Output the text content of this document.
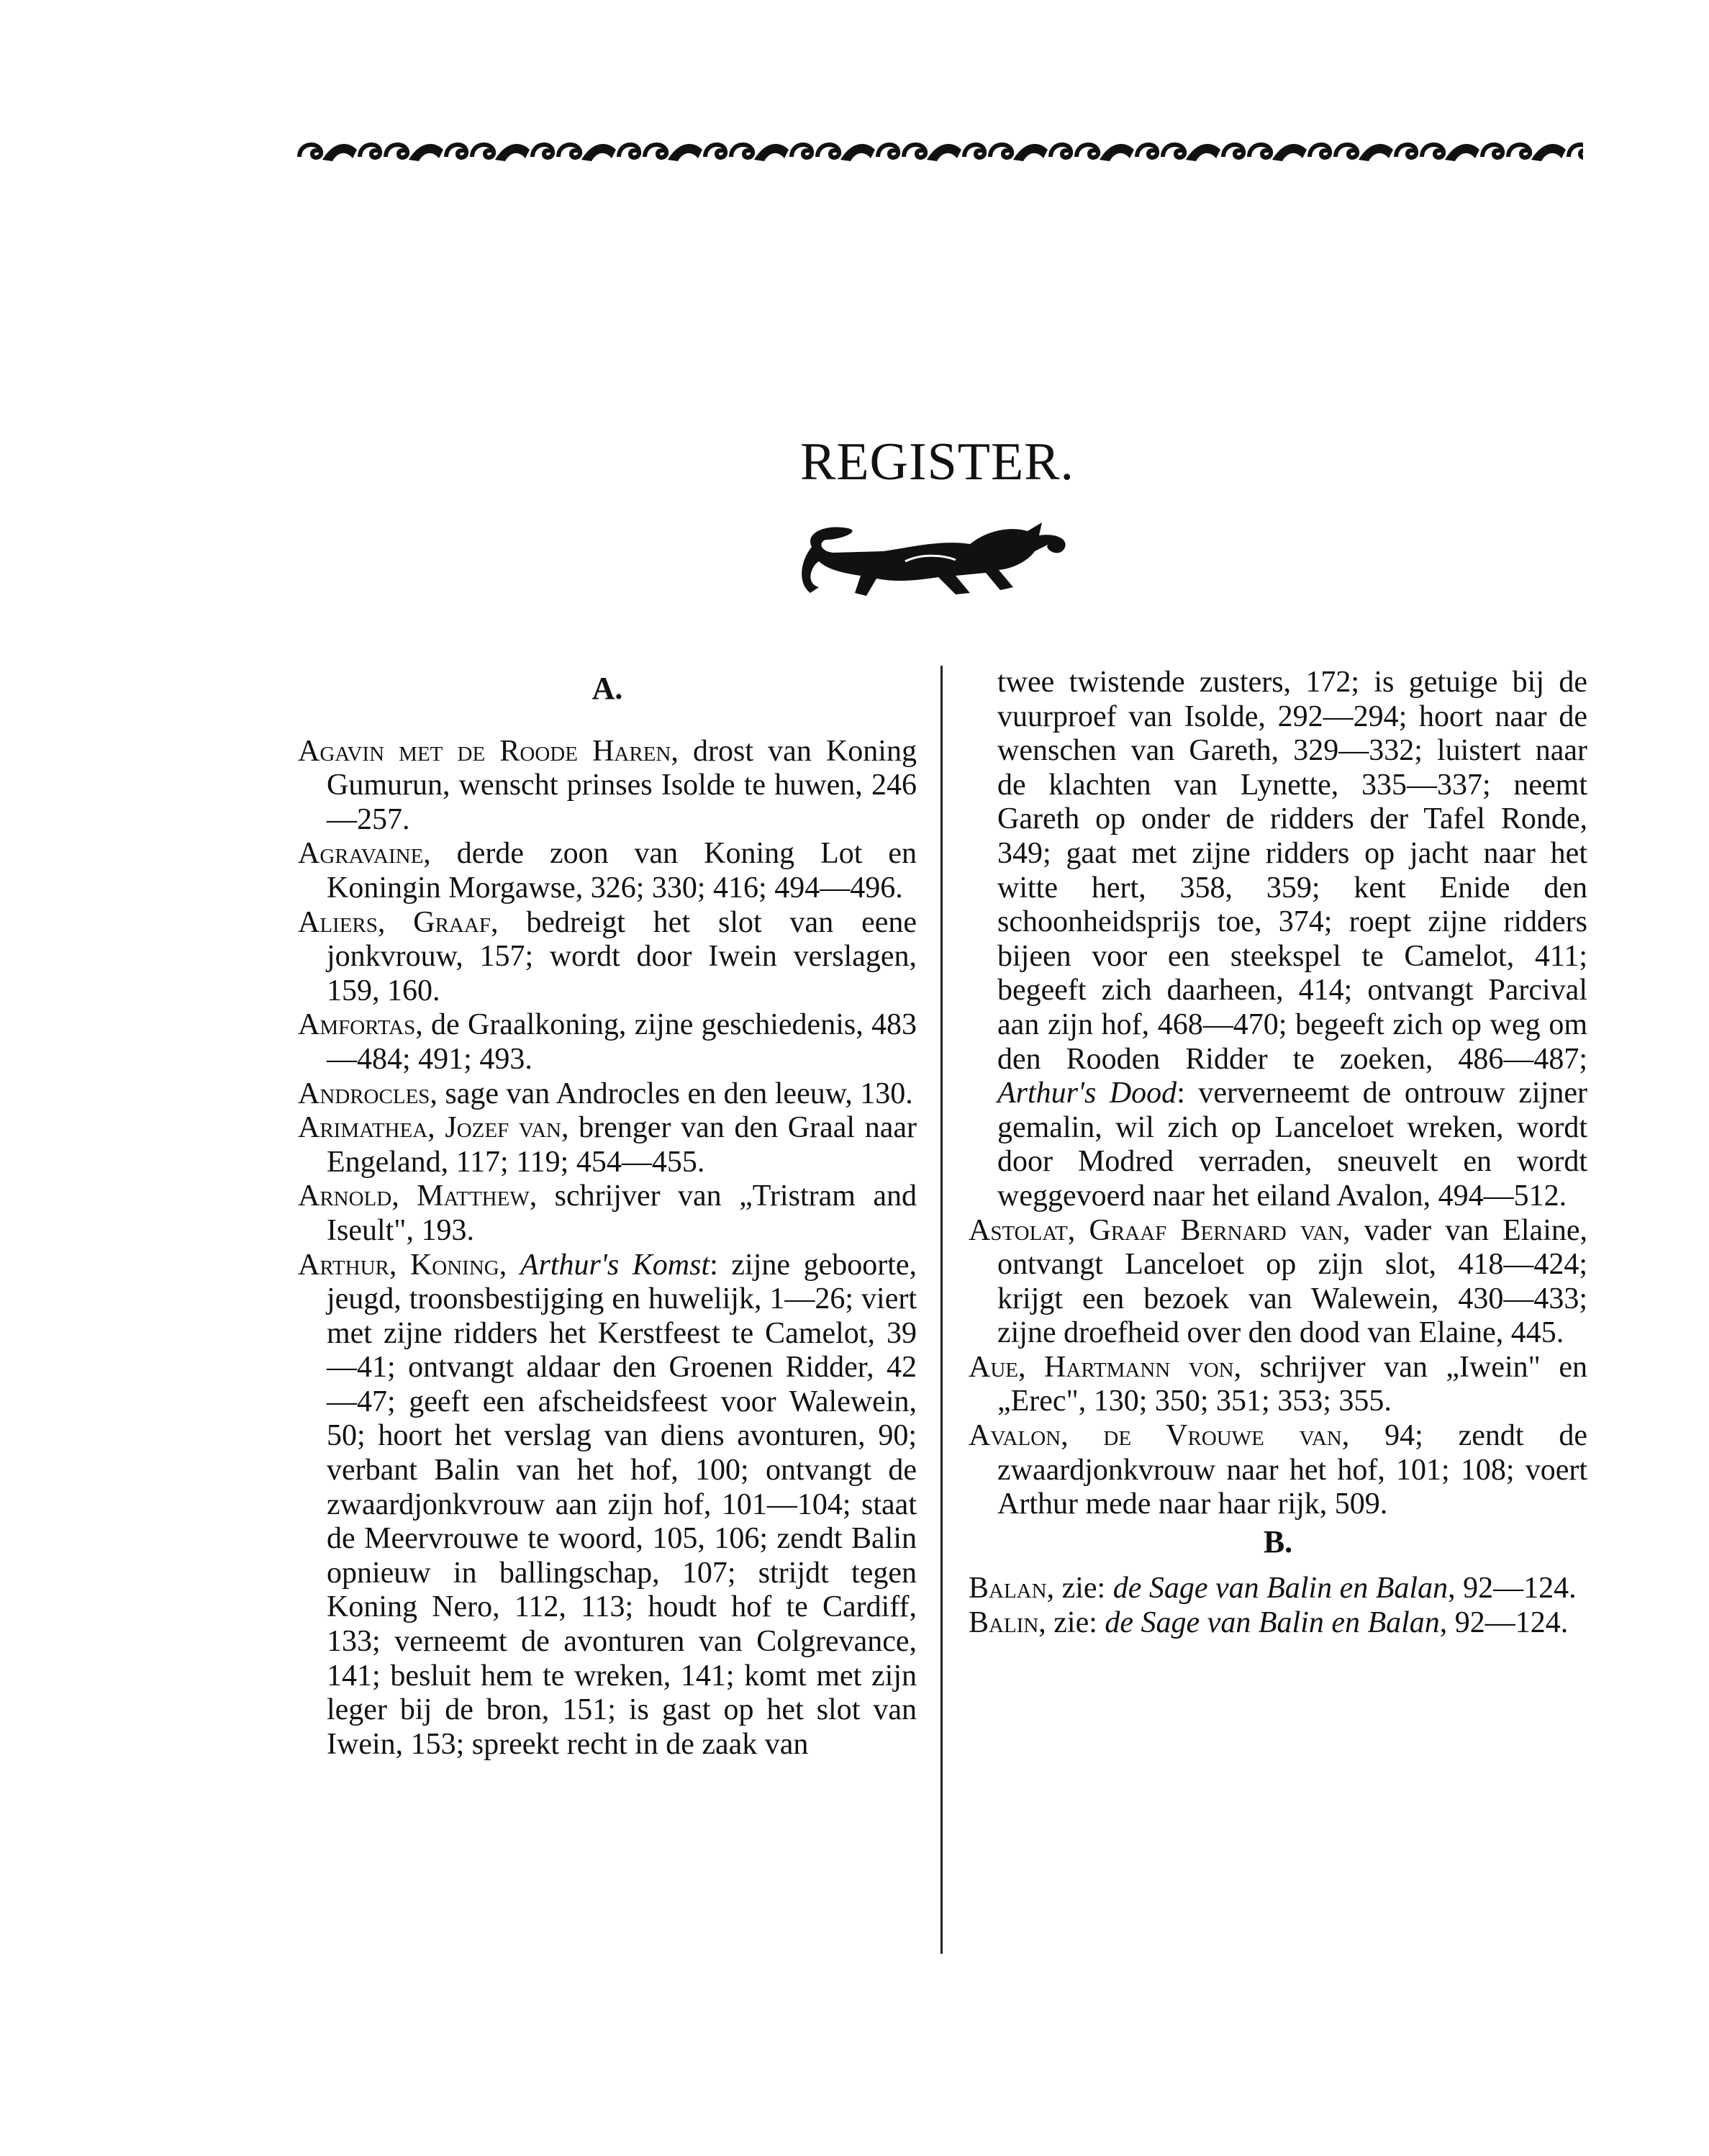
REGISTER.
A.
Agavin met de Roode Haren, drost van Koning Gumurun, wenscht prinses Isolde te huwen, 246—257.
Agravaine, derde zoon van Koning Lot en Koningin Morgawse, 326; 330; 416; 494—496.
Aliers, Graaf, bedreigt het slot van eene jonkvrouw, 157; wordt door Iwein verslagen, 159, 160.
Amfortas, de Graalkoning, zijne geschiedenis, 483—484; 491; 493.
Androcles, sage van Androcles en den leeuw, 130.
Arimathea, Jozef van, brenger van den Graal naar Engeland, 117; 119; 454—455.
Arnold, Matthew, schrijver van „Tristram and Iseult", 193.
Arthur, Koning, Arthur's Komst: zijne geboorte, jeugd, troonsbestijging en huwelijk, 1—26; viert met zijne ridders het Kerstfeest te Camelot, 39—41; ontvangt aldaar den Groenen Ridder, 42—47; geeft een afscheidsfeest voor Walewein, 50; hoort het verslag van diens avonturen, 90; verbant Balin van het hof, 100; ontvangt de zwaardjonkvrouw aan zijn hof, 101—104; staat de Meervrouwe te woord, 105, 106; zendt Balin opnieuw in ballingschap, 107; strijdt tegen Koning Nero, 112, 113; houdt hof te Cardiff, 133; verneemt de avonturen van Colgrevance, 141; besluit hem te wreken, 141; komt met zijn leger bij de bron, 151; is gast op het slot van Iwein, 153; spreekt recht in de zaak van
twee twistende zusters, 172; is getuige bij de vuurproef van Isolde, 292—294; hoort naar de wenschen van Gareth, 329—332; luistert naar de klachten van Lynette, 335—337; neemt Gareth op onder de ridders der Tafel Ronde, 349; gaat met zijne ridders op jacht naar het witte hert, 358, 359; kent Enide den schoonheidsprijs toe, 374; roept zijne ridders bijeen voor een steekspel te Camelot, 411; begeeft zich daarheen, 414; ontvangt Parcival aan zijn hof, 468—470; begeeft zich op weg om den Rooden Ridder te zoeken, 486—487; Arthur's Dood: ververneemt de ontrouw zijner gemalin, wil zich op Lanceloet wreken, wordt door Modred verraden, sneuvelt en wordt weggevoerd naar het eiland Avalon, 494—512.
Astolat, Graaf Bernard van, vader van Elaine, ontvangt Lanceloet op zijn slot, 418—424; krijgt een bezoek van Walewein, 430—433; zijne droefheid over den dood van Elaine, 445.
Aue, Hartmann von, schrijver van „Iwein" en „Erec", 130; 350; 351; 353; 355.
Avalon, de Vrouwe van, 94; zendt de zwaardjonkvrouw naar het hof, 101; 108; voert Arthur mede naar haar rijk, 509.
B.
Balan, zie: de Sage van Balin en Balan, 92—124.
Balin, zie: de Sage van Balin en Balan, 92—124.
